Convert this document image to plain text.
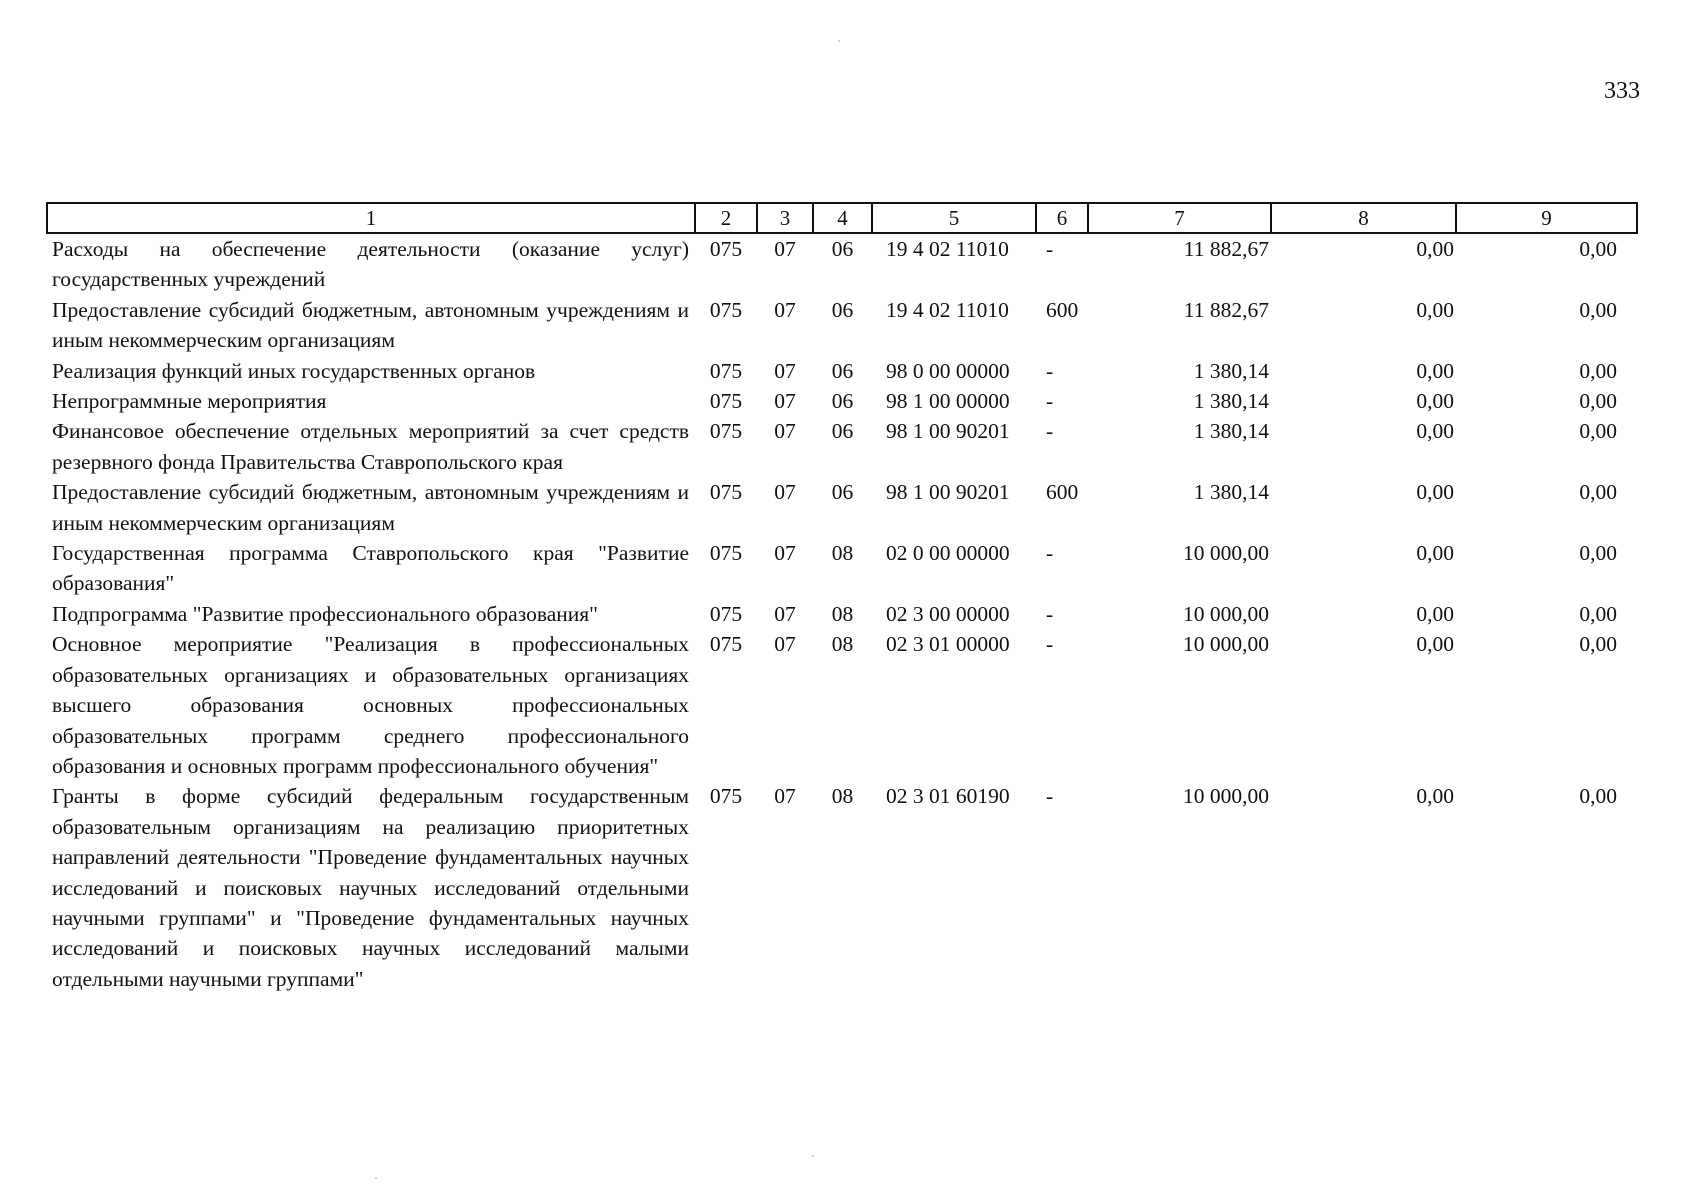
333
1	2	3	4	5	6	7	8	9
Расходы на обеспечение деятельности (оказание услуг) государственных учреждений	075	07	06	19 4 02 11010	-	11 882,67	0,00	0,00
Предоставление субсидий бюджетным, автономным учреждениям и иным некоммерческим организациям	075	07	06	19 4 02 11010	600	11 882,67	0,00	0,00
Реализация функций иных государственных органов	075	07	06	98 0 00 00000	-	1 380,14	0,00	0,00
Непрограммные мероприятия	075	07	06	98 1 00 00000	-	1 380,14	0,00	0,00
Финансовое обеспечение отдельных мероприятий за счет средств резервного фонда Правительства Ставропольского края	075	07	06	98 1 00 90201	-	1 380,14	0,00	0,00
Предоставление субсидий бюджетным, автономным учреждениям и иным некоммерческим организациям	075	07	06	98 1 00 90201	600	1 380,14	0,00	0,00
Государственная программа Ставропольского края "Развитие образования"	075	07	08	02 0 00 00000	-	10 000,00	0,00	0,00
Подпрограмма "Развитие профессионального образования"	075	07	08	02 3 00 00000	-	10 000,00	0,00	0,00
Основное мероприятие "Реализация в профессиональных образовательных организациях и образовательных организациях высшего образования основных профессиональных образовательных программ среднего профессионального образования и основных программ профессионального обучения"	075	07	08	02 3 01 00000	-	10 000,00	0,00	0,00
Гранты в форме субсидий федеральным государственным образовательным организациям на реализацию приоритетных направлений деятельности "Проведение фундаментальных научных исследований и поисковых научных исследований отдельными научными группами" и "Проведение фундаментальных научных исследований и поисковых научных исследований малыми отдельными научными группами"	075	07	08	02 3 01 60190	-	10 000,00	0,00	0,00
